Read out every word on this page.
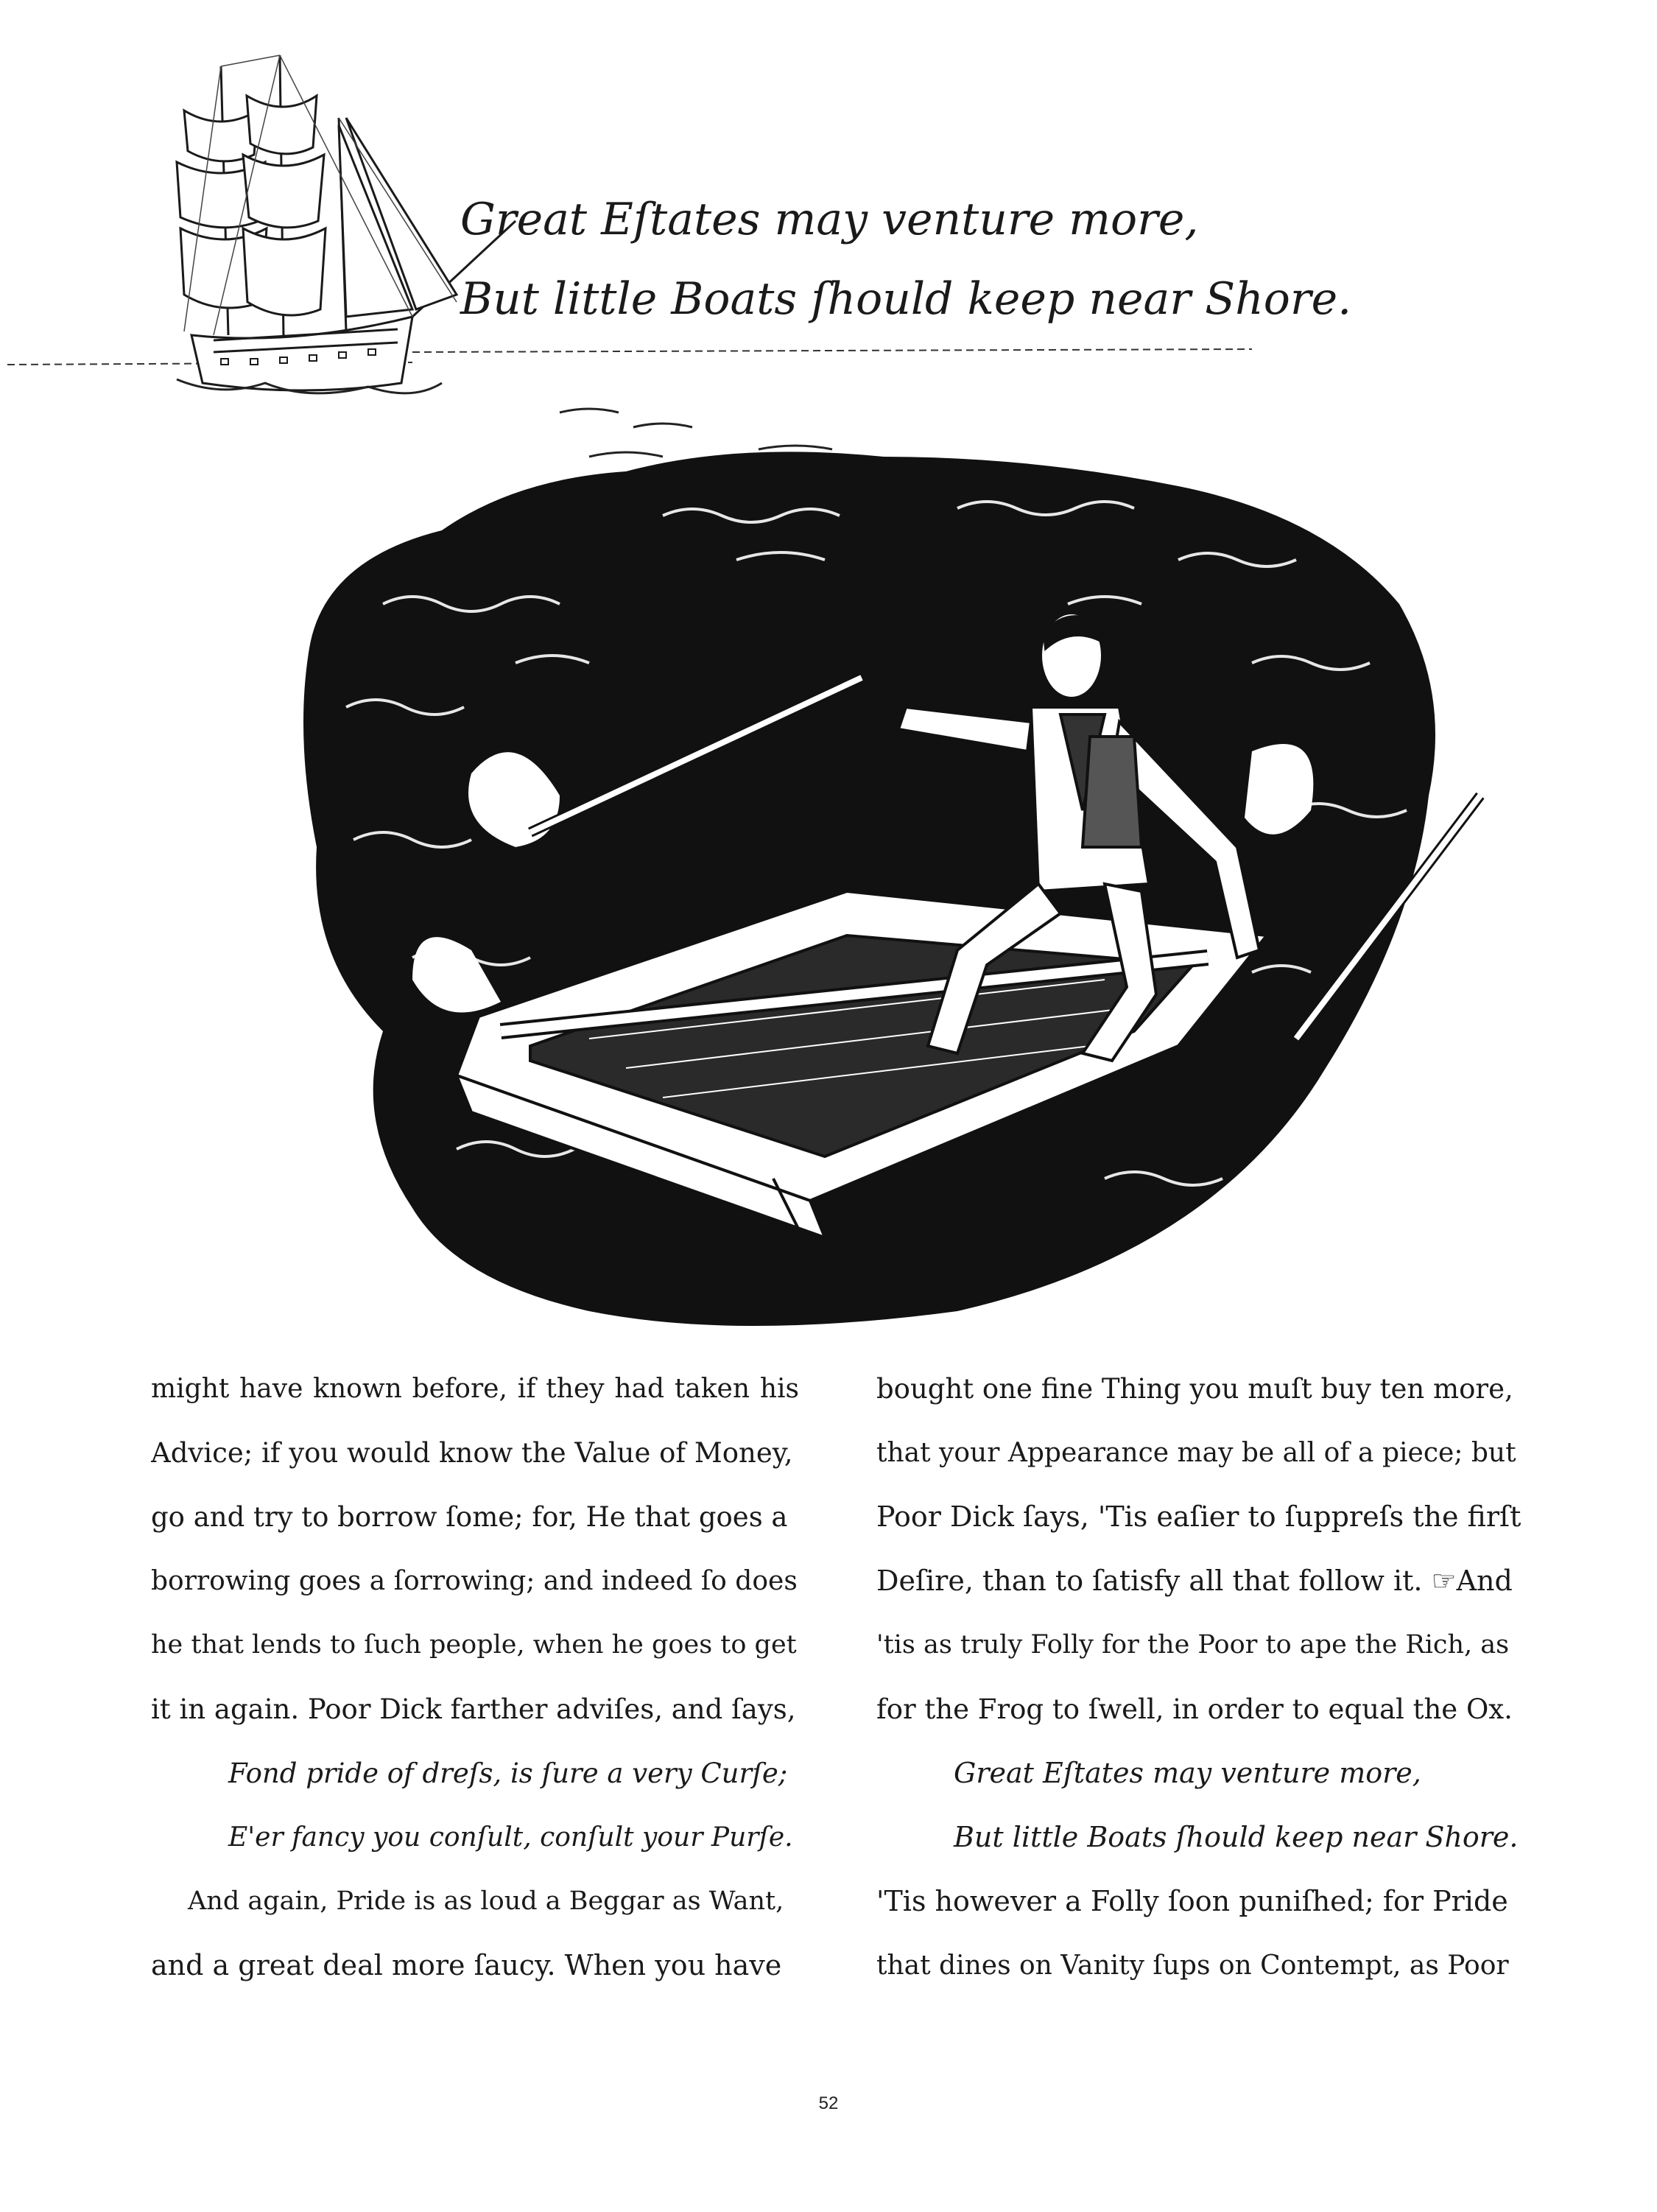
Great Eſtates may venture more,
But little Boats ſhould keep near Shore.
might have known before, if they had taken his
Advice; if you would know the Value of Money,
go and try to borrow ſome; for, He that goes a
borrowing goes a ſorrowing; and indeed ſo does
he that lends to ſuch people, when he goes to get
it in again. Poor Dick farther adviſes, and ſays,
Fond pride of dreſs, is ſure a very Curſe;
E'er fancy you conſult, conſult your Purſe.
And again, Pride is as loud a Beggar as Want,
and a great deal more ſaucy. When you have
bought one fine Thing you muſt buy ten more,
that your Appearance may be all of a piece; but
Poor Dick ſays, 'Tis eaſier to ſuppreſs the firſt
Deſire, than to ſatisfy all that follow it. ☞And
'tis as truly Folly for the Poor to ape the Rich, as
for the Frog to ſwell, in order to equal the Ox.
Great Eſtates may venture more,
But little Boats ſhould keep near Shore.
'Tis however a Folly ſoon puniſhed; for Pride
that dines on Vanity ſups on Contempt, as Poor
52
